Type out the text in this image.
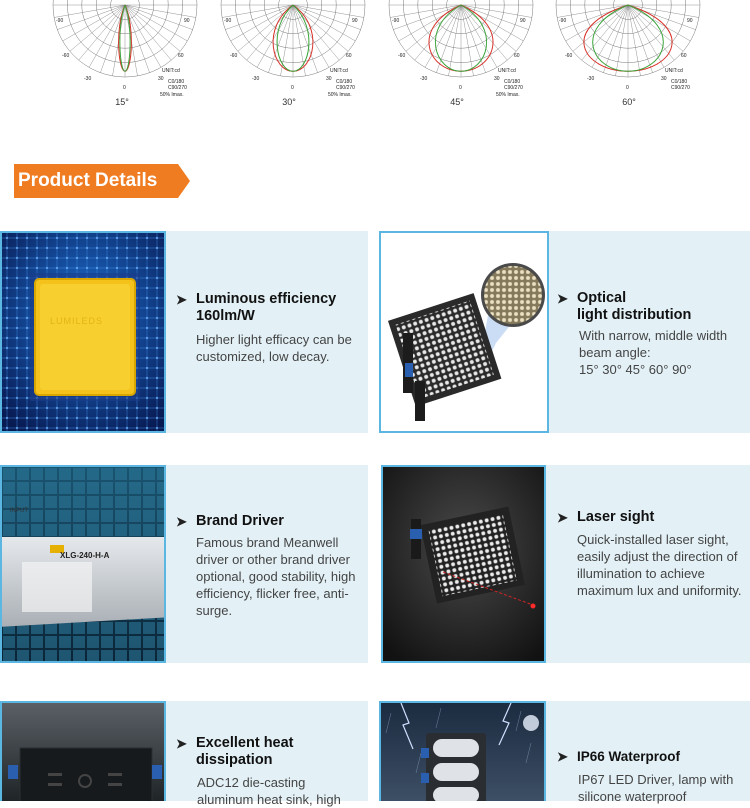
-90	90
-60	60
-30	30
0
UNIT:cd
C0/180
C90/270
50% Imax.
15°
-90	90
-60	60
-30	30
0
UNIT:cd
C0/180
C90/270
50% Imax.
30°
-90	90
-60	60
-30	30
0
UNIT:cd
C0/180
C90/270
50% Imax.
45°
-90	90
-60	60
-30	30
0
UNIT:cd
C0/180
C90/270
60°
Product Details
LUMILEDS
➤ Luminous efficiency
160lm/W
Higher light efficacy can be customized, low decay.
➤ Optical
light distribution
With narrow, middle width beam angle:
15° 30° 45° 60° 90°
INPUT
XLG-240-H-A
➤ Brand Driver
Famous brand Meanwell driver or other brand driver optional, good stability, high efficiency, flicker free, anti-surge.
➤ Laser sight
Quick-installed laser sight, easily adjust the direction of illumination to achieve maximum lux and uniformity.
➤ Excellent heat
dissipation
ADC12 die-casting aluminum heat sink, high
➤ IP66 Waterproof
IP67 LED Driver, lamp with silicone waterproof
